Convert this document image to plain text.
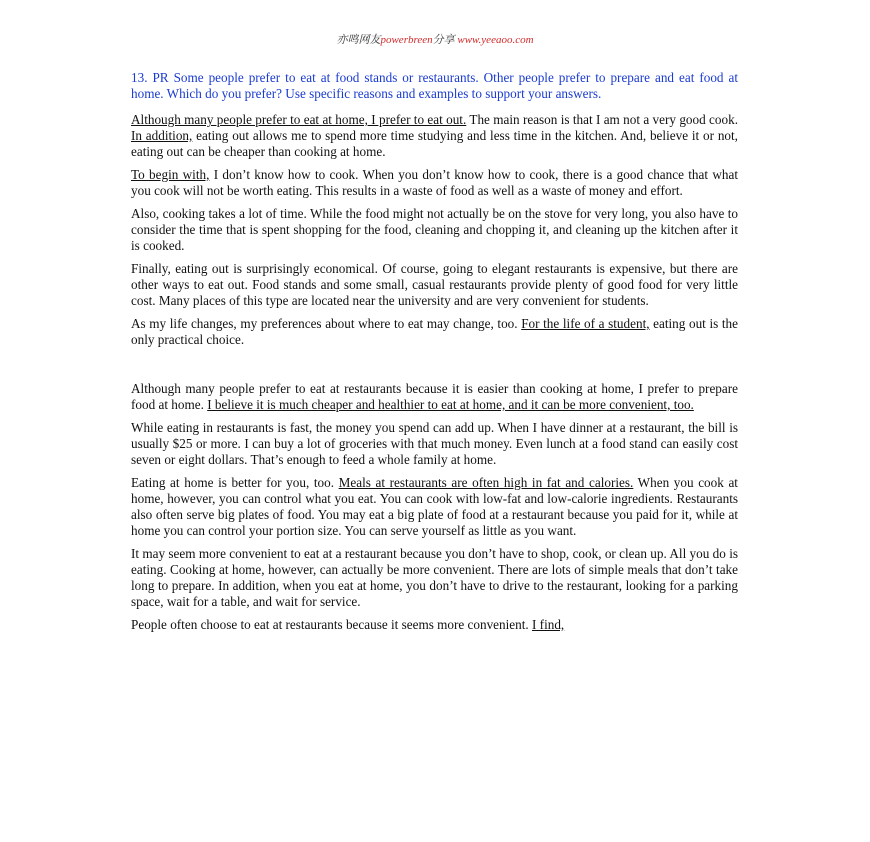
亦鸣网友powerbreen分享 www.yeeaoo.com

13. PR Some people prefer to eat at food stands or restaurants. Other people prefer to prepare and eat food at home. Which do you prefer? Use specific reasons and examples to support your answers.

Although many people prefer to eat at home, I prefer to eat out. The main reason is that I am not a very good cook. In addition, eating out allows me to spend more time studying and less time in the kitchen. And, believe it or not, eating out can be cheaper than cooking at home.

To begin with, I don’t know how to cook. When you don’t know how to cook, there is a good chance that what you cook will not be worth eating. This results in a waste of food as well as a waste of money and effort.

Also, cooking takes a lot of time. While the food might not actually be on the stove for very long, you also have to consider the time that is spent shopping for the food, cleaning and chopping it, and cleaning up the kitchen after it is cooked.

Finally, eating out is surprisingly economical. Of course, going to elegant restaurants is expensive, but there are other ways to eat out. Food stands and some small, casual restaurants provide plenty of good food for very little cost. Many places of this type are located near the university and are very convenient for students.

As my life changes, my preferences about where to eat may change, too. For the life of a student, eating out is the only practical choice.

Although many people prefer to eat at restaurants because it is easier than cooking at home, I prefer to prepare food at home. I believe it is much cheaper and healthier to eat at home, and it can be more convenient, too.

While eating in restaurants is fast, the money you spend can add up. When I have dinner at a restaurant, the bill is usually $25 or more. I can buy a lot of groceries with that much money. Even lunch at a food stand can easily cost seven or eight dollars. That’s enough to feed a whole family at home.

Eating at home is better for you, too. Meals at restaurants are often high in fat and calories. When you cook at home, however, you can control what you eat. You can cook with low-fat and low-calorie ingredients. Restaurants also often serve big plates of food. You may eat a big plate of food at a restaurant because you paid for it, while at home you can control your portion size. You can serve yourself as little as you want.

It may seem more convenient to eat at a restaurant because you don’t have to shop, cook, or clean up. All you do is eating. Cooking at home, however, can actually be more convenient. There are lots of simple meals that don’t take long to prepare. In addition, when you eat at home, you don’t have to drive to the restaurant, looking for a parking space, wait for a table, and wait for service.

People often choose to eat at restaurants because it seems more convenient. I find,
